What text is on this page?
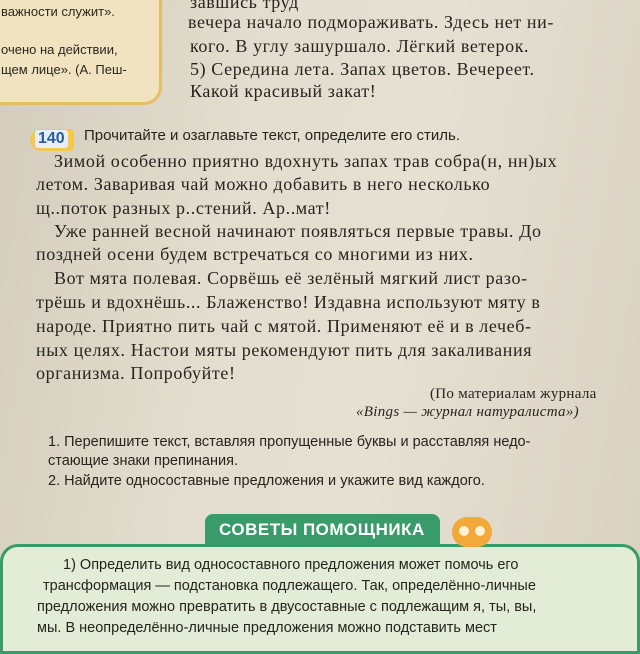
важности служит».
очено на действии,
щем лице». (А. Пеш-
завшись труд
вечера начало подмораживать. Здесь нет ни-
кого. В углу зашуршало. Лёгкий ветерок.
5) Середина лета. Запах цветов. Вечереет.
Какой красивый закат!
140 Прочитайте и озаглавьте текст, определите его стиль.
Зимой особенно приятно вдохнуть запах трав собра(н, нн)ых
летом. Заваривая чай можно добавить в него несколько
щ..поток разных р..стений. Ар..мат!
Уже ранней весной начинают появляться первые травы. До
поздней осени будем встречаться со многими из них.
Вот мята полевая. Сорвёшь её зелёный мягкий лист разо-
трёшь и вдохнёшь... Блаженство! Издавна используют мяту в
народе. Приятно пить чай с мятой. Применяют её и в лечеб-
ных целях. Настои мяты рекомендуют пить для закаливания
организма. Попробуйте!
(По материалам журнала
«Bings — журнал натуралиста»)
1. Перепишите текст, вставляя пропущенные буквы и расставляя недо-
стающие знаки препинания.
2. Найдите односоставные предложения и укажите вид каждого.
1) Определить вид односоставного предложения может помочь его
трансформация — подстановка подлежащего. Так, определённо-личные
предложения можно превратить в двусоставные с подлежащим я, ты, вы,
мы. В неопределённо-личные предложения можно подставить мест
СОВЕТЫ ПОМОЩНИКА
